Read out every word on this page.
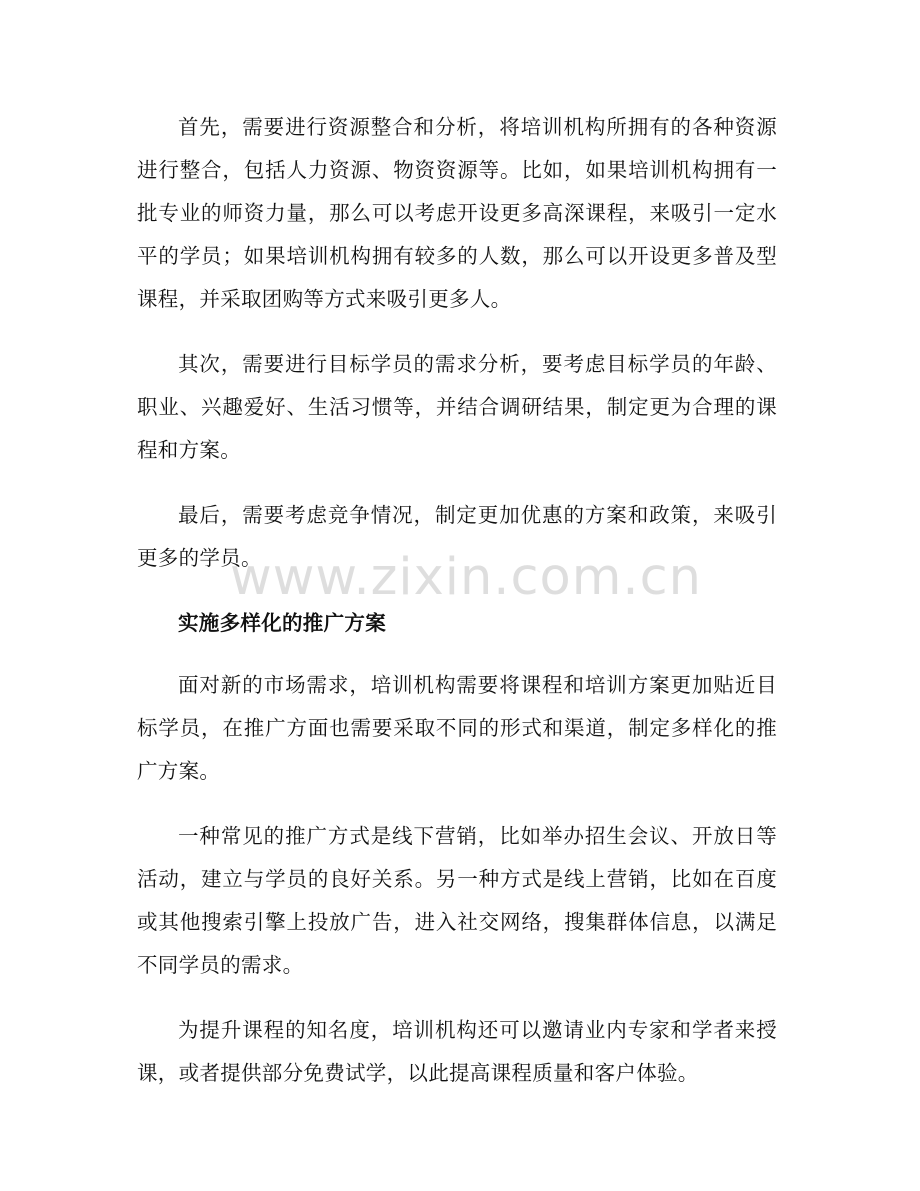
首先，需要进行资源整合和分析，将培训机构所拥有的各种资源进行整合，包括人力资源、物资资源等。比如，如果培训机构拥有一批专业的师资力量，那么可以考虑开设更多高深课程，来吸引一定水平的学员；如果培训机构拥有较多的人数，那么可以开设更多普及型课程，并采取团购等方式来吸引更多人。

其次，需要进行目标学员的需求分析，要考虑目标学员的年龄、职业、兴趣爱好、生活习惯等，并结合调研结果，制定更为合理的课程和方案。

最后，需要考虑竞争情况，制定更加优惠的方案和政策，来吸引更多的学员。

实施多样化的推广方案

面对新的市场需求，培训机构需要将课程和培训方案更加贴近目标学员，在推广方面也需要采取不同的形式和渠道，制定多样化的推广方案。

一种常见的推广方式是线下营销，比如举办招生会议、开放日等活动，建立与学员的良好关系。另一种方式是线上营销，比如在百度或其他搜索引擎上投放广告，进入社交网络，搜集群体信息，以满足不同学员的需求。

为提升课程的知名度，培训机构还可以邀请业内专家和学者来授课，或者提供部分免费试学，以此提高课程质量和客户体验。

www.zixin.com.cn
